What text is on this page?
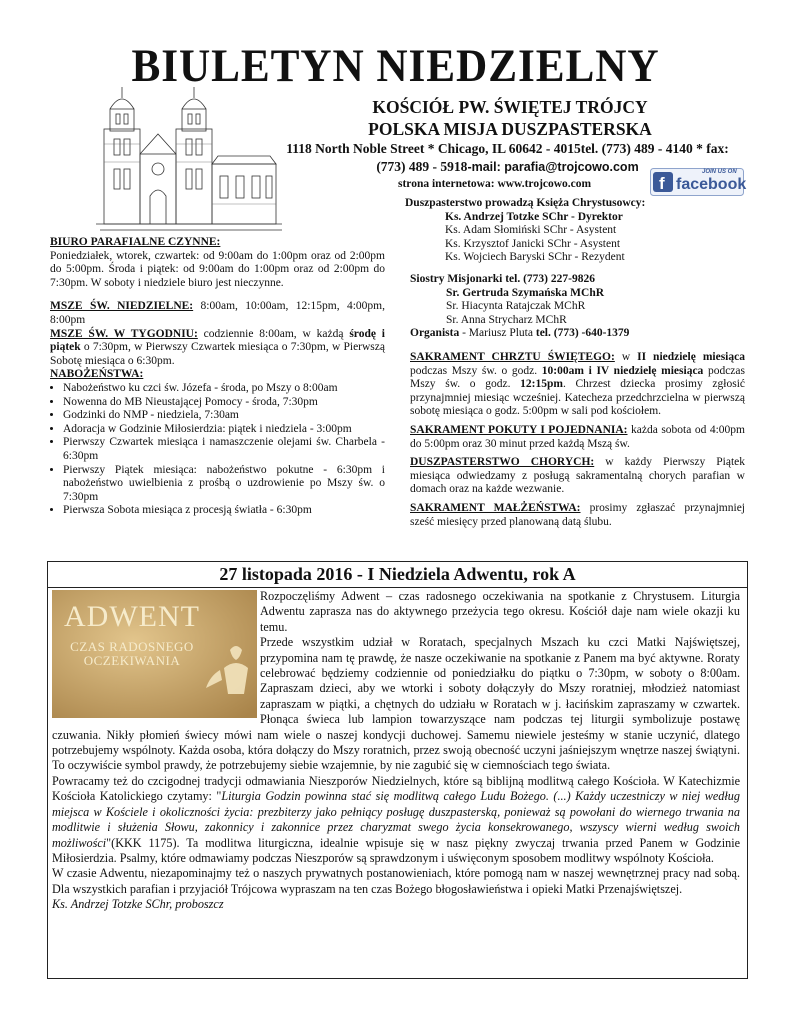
BIULETYN NIEDZIELNY
KOŚCIÓŁ PW. ŚWIĘTEJ TRÓJCY
POLSKA MISJA DUSZPASTERSKA
1118 North Noble Street * Chicago, IL 60642 - 4015tel. (773) 489 - 4140 * fax: (773) 489 - 5918-mail: parafia@trojcowo.com
strona internetowa: www.trojcowo.com	f
JOIN US ON
facebook
Duszpasterstwo prowadzą Księża Chrystusowcy:
Ks. Andrzej Totzke SChr - Dyrektor
Ks. Adam Słomiński SChr - Asystent
Ks. Krzysztof Janicki SChr - Asystent
Ks. Wojciech Baryski SChr - Rezydent
Siostry Misjonarki tel. (773) 227-9826
Sr. Gertruda Szymańska MChR
Sr. Hiacynta Ratajczak MChR
Sr. Anna Strycharz MChR
Organista - Mariusz Pluta tel. (773) -640-1379
BIURO PARAFIALNE CZYNNE:
Poniedziałek, wtorek, czwartek: od 9:00am do 1:00pm oraz od 2:00pm do 5:00pm. Środa i piątek: od 9:00am do 1:00pm oraz od 2:00pm do 7:30pm. W soboty i niedziele biuro jest nieczynne.
MSZE ŚW. NIEDZIELNE: 8:00am, 10:00am, 12:15pm, 4:00pm, 8:00pm
MSZE ŚW. W TYGODNIU: codziennie 8:00am, w każdą środę i piątek o 7:30pm, w Pierwszy Czwartek miesiąca o 7:30pm, w Pierwszą Sobotę miesiąca o 6:30pm.
NABOŻEŃSTWA:
• Nabożeństwo ku czci św. Józefa - środa, po Mszy o 8:00am
• Nowenna do MB Nieustającej Pomocy - środa, 7:30pm
• Godzinki do NMP - niedziela, 7:30am
• Adoracja w Godzinie Miłosierdzia: piątek i niedziela - 3:00pm
• Pierwszy Czwartek miesiąca i namaszczenie olejami św. Charbela - 6:30pm
• Pierwszy Piątek miesiąca: nabożeństwo pokutne - 6:30pm i nabożeństwo uwielbienia z prośbą o uzdrowienie po Mszy św. o 7:30pm
• Pierwsza Sobota miesiąca z procesją światła - 6:30pm
SAKRAMENT CHRZTU ŚWIĘTEGO: w II niedzielę miesiąca podczas Mszy św. o godz. 10:00am i IV niedzielę miesiąca podczas Mszy św. o godz. 12:15pm. Chrzest dziecka prosimy zgłosić przynajmniej miesiąc wcześniej. Katecheza przedchrzcielna w pierwszą sobotę miesiąca o godz. 5:00pm w sali pod kościołem.
SAKRAMENT POKUTY I POJEDNANIA: każda sobota od 4:00pm do 5:00pm oraz 30 minut przed każdą Mszą św.
DUSZPASTERSTWO CHORYCH: w każdy Pierwszy Piątek miesiąca odwiedzamy z posługą sakramentalną chorych parafian w domach oraz na każde wezwanie.
SAKRAMENT MAŁŻEŃSTWA: prosimy zgłaszać przynajmniej sześć miesięcy przed planowaną datą ślubu.
27 listopada 2016 - I Niedziela Adwentu, rok A
ADWENT
CZAS RADOSNEGO
OCZEKIWANIA

Rozpoczęliśmy Adwent – czas radosnego oczekiwania na spotkanie z Chrystusem. Liturgia Adwentu zaprasza nas do aktywnego przeżycia tego okresu. Kościół daje nam wiele okazji ku temu.

Przede wszystkim udział w Roratach, specjalnych Mszach ku czci Matki Najświętszej, przypomina nam tę prawdę, że nasze oczekiwanie na spotkanie z Panem ma być aktywne. Roraty celebrować będziemy codziennie od poniedziałku do piątku o 7:30pm, w soboty o 8:00am. Zapraszam dzieci, aby we wtorki i soboty dołączyły do Mszy roratniej, młodzież natomiast zapraszam w piątki, a chętnych do udziału w Roratach w j. łacińskim zapraszamy w czwartek. Płonąca świeca lub lampion towarzyszące nam podczas tej liturgii symbolizuje postawę czuwania. Nikły płomień świecy mówi nam wiele o naszej kondycji duchowej. Samemu niewiele jesteśmy w stanie uczynić, dlatego potrzebujemy wspólnoty. Każda osoba, która dołączy do Mszy roratnich, przez swoją obecność uczyni jaśniejszym wnętrze naszej świątyni. To oczywiście symbol prawdy, że potrzebujemy siebie wzajemnie, by nie zagubić się w ciemnościach tego świata.

Powracamy też do czcigodnej tradycji odmawiania Nieszporów Niedzielnych, które są biblijną modlitwą całego Kościoła. W Katechizmie Kościoła Katolickiego czytamy: "Liturgia Godzin powinna stać się modlitwą całego Ludu Bożego. (...) Każdy uczestniczy w niej według miejsca w Kościele i okoliczności życia: prezbiterzy jako pełniący posługę duszpasterską, ponieważ są powołani do wiernego trwania na modlitwie i służenia Słowu, zakonnicy i zakonnice przez charyzmat swego życia konsekrowanego, wszyscy wierni według swoich możliwości"(KKK 1175). Ta modlitwa liturgiczna, idealnie wpisuje się w nasz piękny zwyczaj trwania przed Panem w Godzinie Miłosierdzia. Psalmy, które odmawiamy podczas Nieszporów są sprawdzonym i uświęconym sposobem modlitwy wspólnoty Kościoła.

W czasie Adwentu, niezapominajmy też o naszych prywatnych postanowieniach, które pomogą nam w naszej wewnętrznej pracy nad sobą. Dla wszystkich parafian i przyjaciół Trójcowa wypraszam na ten czas Bożego błogosławieństwa i opieki Matki Przenajświętszej.

Ks. Andrzej Totzke SChr, proboszcz
